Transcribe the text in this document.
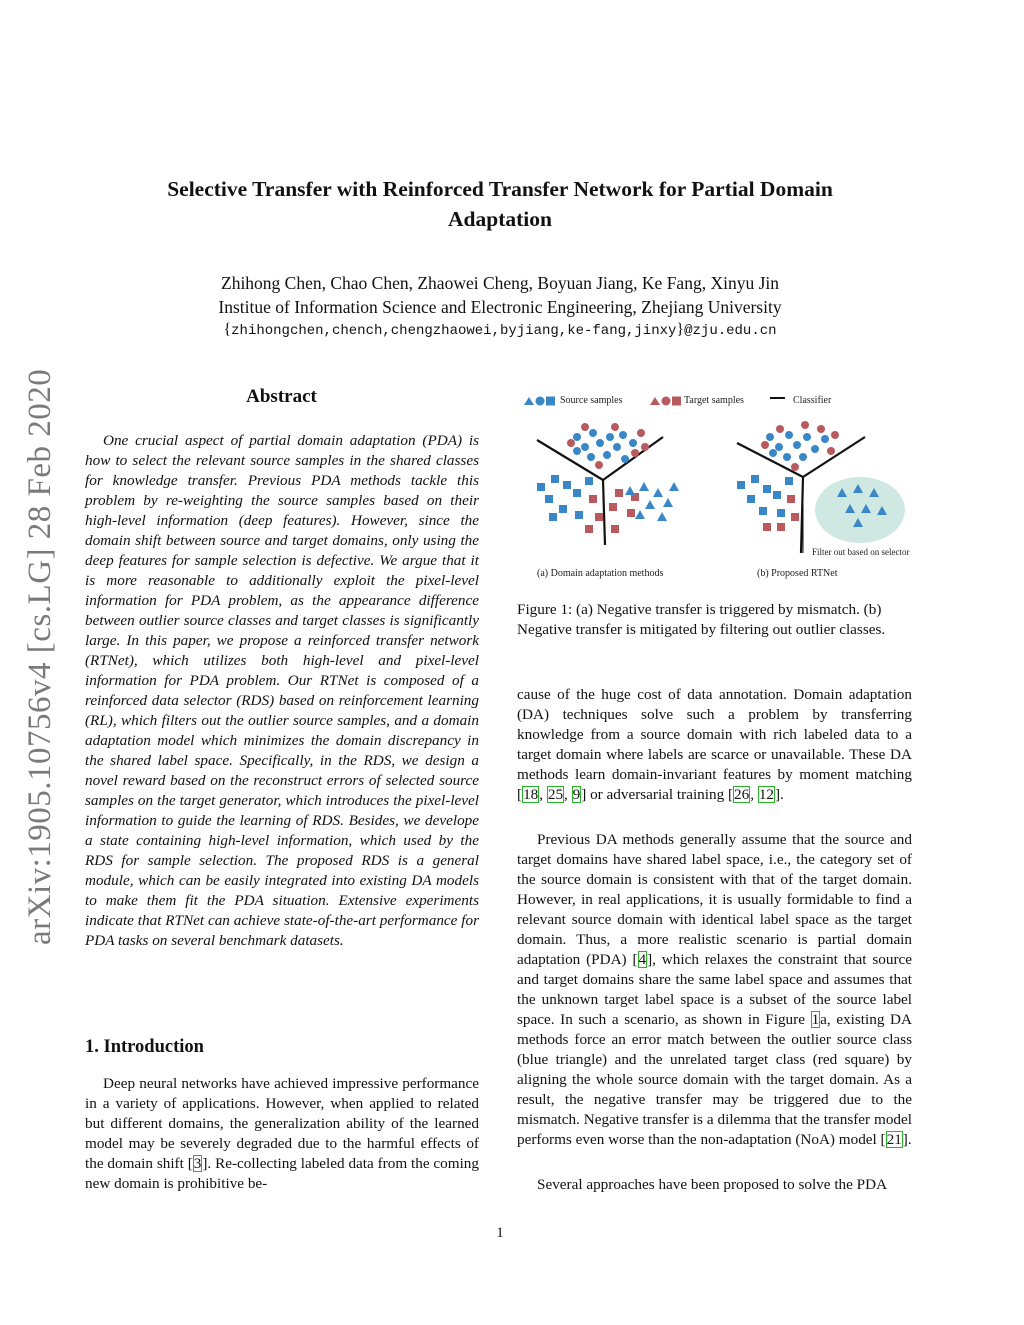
arXiv:1905.10756v4 [cs.LG] 28 Feb 2020
Selective Transfer with Reinforced Transfer Network for Partial Domain
Adaptation
Zhihong Chen, Chao Chen, Zhaowei Cheng, Boyuan Jiang, Ke Fang, Xinyu Jin
Institue of Information Science and Electronic Engineering, Zhejiang University
{zhihongchen,chench,chengzhaowei,byjiang,ke-fang,jinxy}@zju.edu.cn
Abstract
One crucial aspect of partial domain adaptation (PDA) is how to select the relevant source samples in the shared classes for knowledge transfer. Previous PDA methods tackle this problem by re-weighting the source samples based on their high-level information (deep features). However, since the domain shift between source and target domains, only using the deep features for sample selection is defective. We argue that it is more reasonable to additionally exploit the pixel-level information for PDA problem, as the appearance difference between outlier source classes and target classes is significantly large. In this paper, we propose a reinforced transfer network (RTNet), which utilizes both high-level and pixel-level information for PDA problem. Our RTNet is composed of a reinforced data selector (RDS) based on reinforcement learning (RL), which filters out the outlier source samples, and a domain adaptation model which minimizes the domain discrepancy in the shared label space. Specifically, in the RDS, we design a novel reward based on the reconstruct errors of selected source samples on the target generator, which introduces the pixel-level information to guide the learning of RDS. Besides, we develope a state containing high-level information, which used by the RDS for sample selection. The proposed RDS is a general module, which can be easily integrated into existing DA models to make them fit the PDA situation. Extensive experiments indicate that RTNet can achieve state-of-the-art performance for PDA tasks on several benchmark datasets.
1. Introduction
Deep neural networks have achieved impressive performance in a variety of applications. However, when applied to related but different domains, the generalization ability of the learned model may be severely degraded due to the harmful effects of the domain shift [3]. Re-collecting labeled data from the coming new domain is prohibitive be-
Source samples	Target samples	Classifier
(a) Domain adaptation methods
Filter out based on selector
(b) Proposed RTNet
Figure 1: (a) Negative transfer is triggered by mismatch. (b) Negative transfer is mitigated by filtering out outlier classes.
cause of the huge cost of data annotation. Domain adaptation (DA) techniques solve such a problem by transferring knowledge from a source domain with rich labeled data to a target domain where labels are scarce or unavailable. These DA methods learn domain-invariant features by moment matching [18, 25, 9] or adversarial training [26, 12].
Previous DA methods generally assume that the source and target domains have shared label space, i.e., the category set of the source domain is consistent with that of the target domain. However, in real applications, it is usually formidable to find a relevant source domain with identical label space as the target domain. Thus, a more realistic scenario is partial domain adaptation (PDA) [4], which relaxes the constraint that source and target domains share the same label space and assumes that the unknown target label space is a subset of the source label space. In such a scenario, as shown in Figure 1a, existing DA methods force an error match between the outlier source class (blue triangle) and the unrelated target class (red square) by aligning the whole source domain with the target domain. As a result, the negative transfer may be triggered due to the mismatch. Negative transfer is a dilemma that the transfer model performs even worse than the non-adaptation (NoA) model [21].
Several approaches have been proposed to solve the PDA
1
